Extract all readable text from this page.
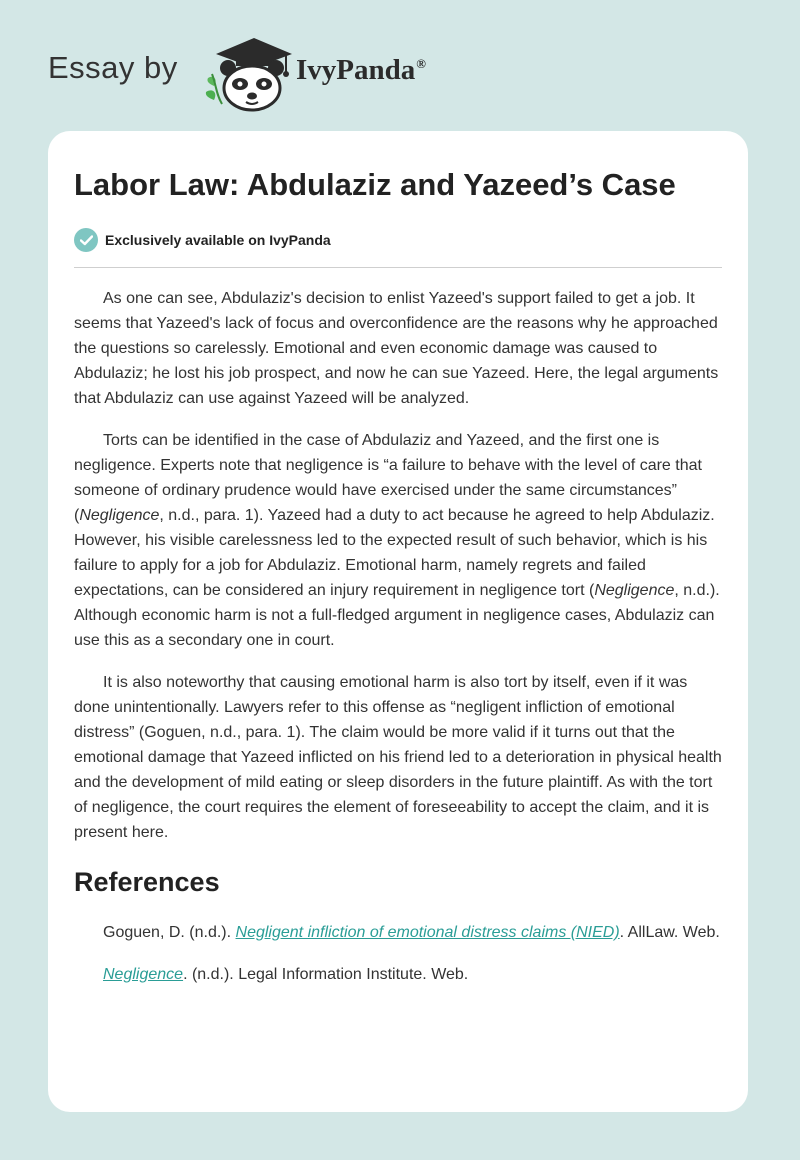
Essay by	IvyPanda®
Labor Law: Abdulaziz and Yazeed’s Case
Exclusively available on IvyPanda

As one can see, Abdulaziz's decision to enlist Yazeed's support failed to get a job. It seems that Yazeed's lack of focus and overconfidence are the reasons why he approached the questions so carelessly. Emotional and even economic damage was caused to Abdulaziz; he lost his job prospect, and now he can sue Yazeed. Here, the legal arguments that Abdulaziz can use against Yazeed will be analyzed.

Torts can be identified in the case of Abdulaziz and Yazeed, and the first one is negligence. Experts note that negligence is “a failure to behave with the level of care that someone of ordinary prudence would have exercised under the same circumstances” (Negligence, n.d., para. 1). Yazeed had a duty to act because he agreed to help Abdulaziz. However, his visible carelessness led to the expected result of such behavior, which is his failure to apply for a job for Abdulaziz. Emotional harm, namely regrets and failed expectations, can be considered an injury requirement in negligence tort (Negligence, n.d.). Although economic harm is not a full-fledged argument in negligence cases, Abdulaziz can use this as a secondary one in court.

It is also noteworthy that causing emotional harm is also tort by itself, even if it was done unintentionally. Lawyers refer to this offense as “negligent infliction of emotional distress” (Goguen, n.d., para. 1). The claim would be more valid if it turns out that the emotional damage that Yazeed inflicted on his friend led to a deterioration in physical health and the development of mild eating or sleep disorders in the future plaintiff. As with the tort of negligence, the court requires the element of foreseeability to accept the claim, and it is present here.

References

Goguen, D. (n.d.). Negligent infliction of emotional distress claims (NIED). AllLaw. Web.

Negligence. (n.d.). Legal Information Institute. Web.
